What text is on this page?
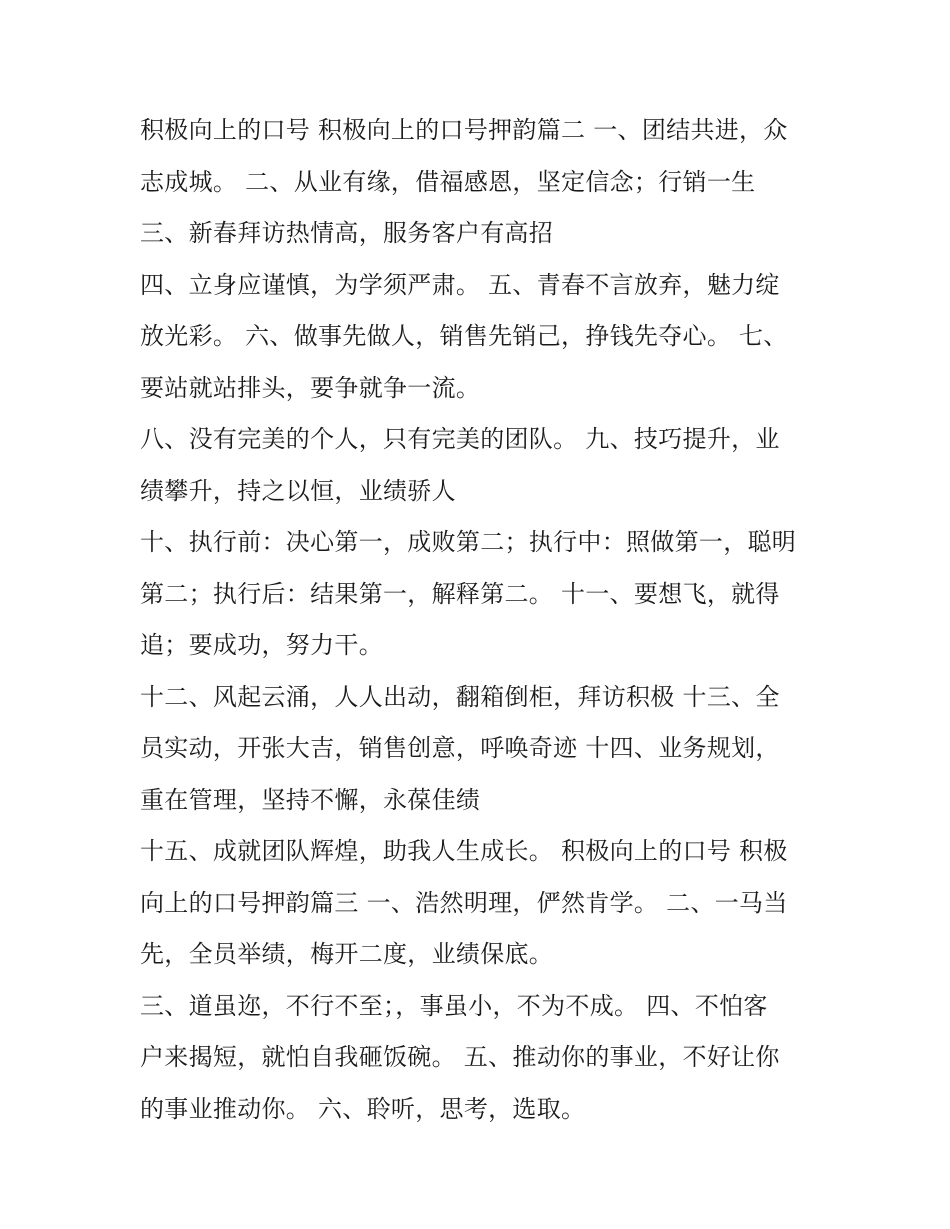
积极向上的口号 积极向上的口号押韵篇二 一、团结共进，众

志成城。 二、从业有缘，借福感恩，坚定信念；行销一生

三、新春拜访热情高，服务客户有高招

四、立身应谨慎，为学须严肃。 五、青春不言放弃，魅力绽

放光彩。 六、做事先做人，销售先销己，挣钱先夺心。 七、

要站就站排头，要争就争一流。

八、没有完美的个人，只有完美的团队。 九、技巧提升，业

绩攀升，持之以恒，业绩骄人

十、执行前：决心第一，成败第二；执行中：照做第一，聪明

第二；执行后：结果第一，解释第二。 十一、要想飞，就得

追；要成功，努力干。

十二、风起云涌，人人出动，翻箱倒柜，拜访积极 十三、全

员实动，开张大吉，销售创意，呼唤奇迹 十四、业务规划，

重在管理，坚持不懈，永葆佳绩

十五、成就团队辉煌，助我人生成长。 积极向上的口号 积极

向上的口号押韵篇三 一、浩然明理，俨然肯学。 二、一马当

先，全员举绩，梅开二度，业绩保底。

三、道虽迩，不行不至；，事虽小，不为不成。 四、不怕客

户来揭短，就怕自我砸饭碗。 五、推动你的事业，不好让你

的事业推动你。 六、聆听，思考，选取。
